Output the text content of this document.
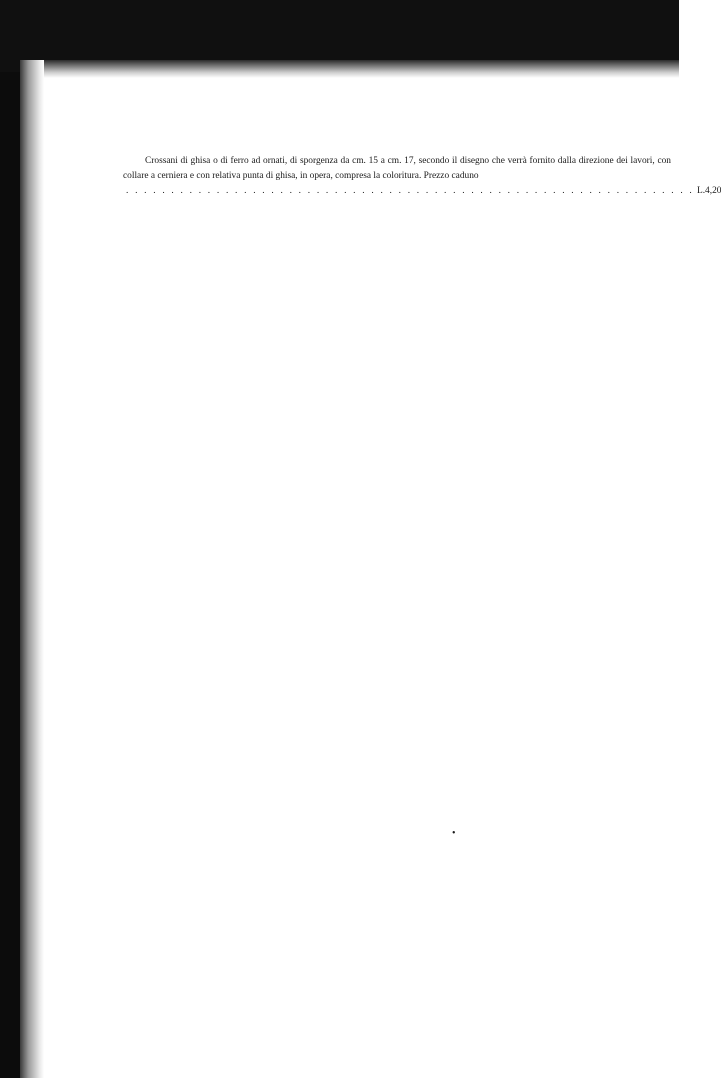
Crossani di ghisa o di ferro ad ornati, di sporgenza da cm. 15 a cm. 17, secondo il disegno che verrà fornito dalla direzione dei lavori, con collare a cerniera e con relativa punta di ghisa, in opera, compresa la coloritura. Prezzo caduno
. . . . . . . . . . . . . . . . . . . . . . . . . . . . . . . . . . . . . . . . . . . . . . . . . . . . . . . . . . . . . . . L. 4,20

•
